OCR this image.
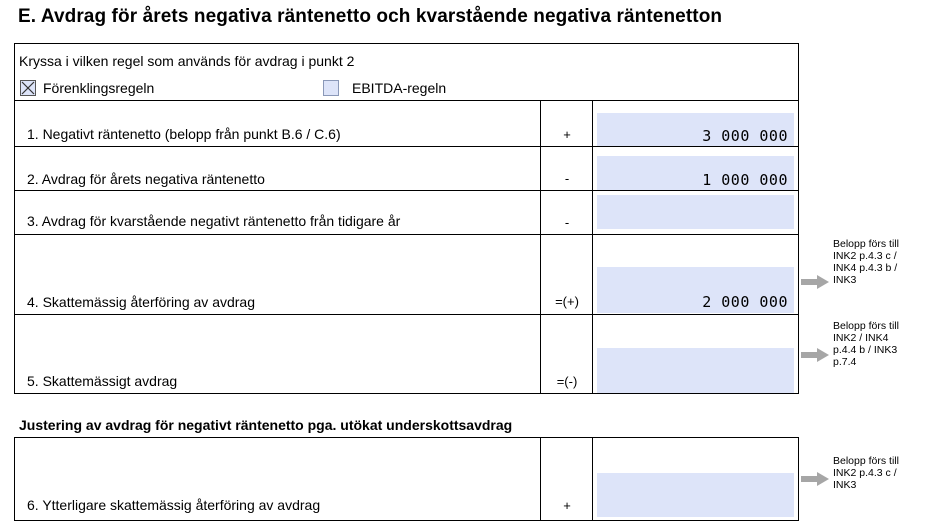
E. Avdrag för årets negativa räntenetto och kvarstående negativa räntenetton
Kryssa i vilken regel som används för avdrag i punkt 2
Förenklingsregeln	EBITDA-regeln
1. Negativt räntenetto (belopp från punkt B.6 / C.6)	+	3 000 000
2. Avdrag för årets negativa räntenetto	-	1 000 000
3. Avdrag för kvarstående negativt räntenetto från tidigare år	-
4. Skattemässig återföring av avdrag	=(+)	2 000 000
Belopp förs till
INK2 p.4.3 c /
INK4 p.4.3 b /
INK3
5. Skattemässigt avdrag	=(-)
Belopp förs till
INK2 / INK4
p.4.4 b / INK3
p.7.4
Justering av avdrag för negativt räntenetto pga. utökat underskottsavdrag
6. Ytterligare skattemässig återföring av avdrag	+
Belopp förs till
INK2 p.4.3 c /
INK3
